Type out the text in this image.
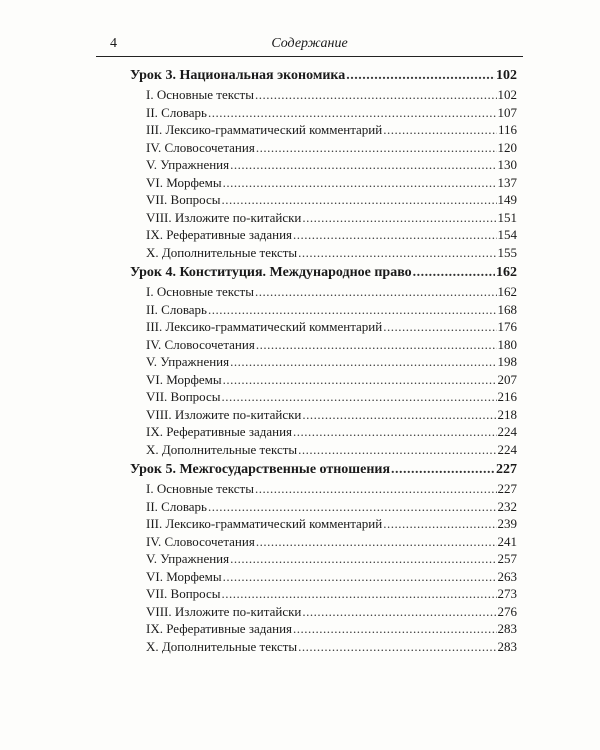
4	Содержание
Урок 3. Национальная экономика .....	102
I. Основные тексты .....	102
II. Словарь .....	107
III. Лексико-грамматический комментарий .....	116
IV. Словосочетания .....	120
V. Упражнения .....	130
VI. Морфемы .....	137
VII. Вопросы .....	149
VIII. Изложите по-китайски .....	151
IX. Реферативные задания .....	154
X. Дополнительные тексты .....	155
Урок 4. Конституция. Международное право .....	162
I. Основные тексты .....	162
II. Словарь .....	168
III. Лексико-грамматический комментарий .....	176
IV. Словосочетания .....	180
V. Упражнения .....	198
VI. Морфемы .....	207
VII. Вопросы .....	216
VIII. Изложите по-китайски .....	218
IX. Реферативные задания .....	224
X. Дополнительные тексты .....	224
Урок 5. Межгосударственные отношения .....	227
I. Основные тексты .....	227
II. Словарь .....	232
III. Лексико-грамматический комментарий .....	239
IV. Словосочетания .....	241
V. Упражнения .....	257
VI. Морфемы .....	263
VII. Вопросы .....	273
VIII. Изложите по-китайски .....	276
IX. Реферативные задания .....	283
X. Дополнительные тексты .....	283
